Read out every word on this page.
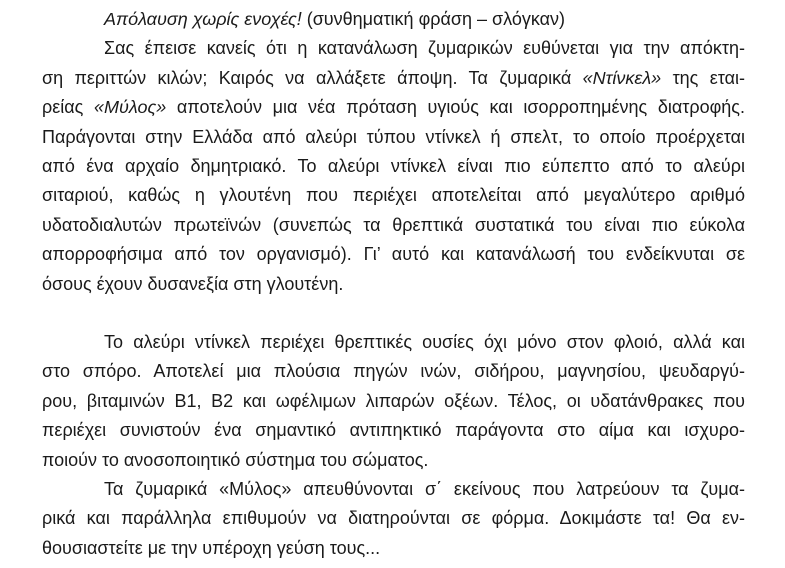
Απόλαυση χωρίς ενοχές! (συνθηματική φράση – σλόγκαν)
Σας έπεισε κανείς ότι η κατανάλωση ζυμαρικών ευθύνεται για την απόκτη-
ση περιττών κιλών; Καιρός να αλλάξετε άποψη. Τα ζυμαρικά «Ντίνκελ» της εται-
ρείας «Μύλος» αποτελούν μια νέα πρόταση υγιούς και ισορροπημένης διατροφής.
Παράγονται στην Ελλάδα από αλεύρι τύπου ντίνκελ ή σπελτ, το οποίο προέρχεται
από ένα αρχαίο δημητριακό. Το αλεύρι ντίνκελ είναι πιο εύπεπτο από το αλεύρι
σιταριού, καθώς η γλουτένη που περιέχει αποτελείται από μεγαλύτερο αριθμό
υδατοδιαλυτών πρωτεϊνών (συνεπώς τα θρεπτικά συστατικά του είναι πιο εύκολα
απορροφήσιμα από τον οργανισμό). Γι’ αυτό και κατανάλωσή του ενδείκνυται σε
όσους έχουν δυσανεξία στη γλουτένη.
Το αλεύρι ντίνκελ περιέχει θρεπτικές ουσίες όχι μόνο στον φλοιό, αλλά και
στο σπόρο. Αποτελεί μια πλούσια πηγών ινών, σιδήρου, μαγνησίου, ψευδαργύ-
ρου, βιταμινών Β1, Β2 και ωφέλιμων λιπαρών οξέων. Τέλος, οι υδατάνθρακες που
περιέχει συνιστούν ένα σημαντικό αντιπηκτικό παράγοντα στο αίμα και ισχυρο-
ποιούν το ανοσοποιητικό σύστημα του σώματος.
Τα ζυμαρικά «Μύλος» απευθύνονται σ΄ εκείνους που λατρεύουν τα ζυμα-
ρικά και παράλληλα επιθυμούν να διατηρούνται σε φόρμα. Δοκιμάστε τα! Θα εν-
θουσιαστείτε με την υπέροχη γεύση τους...
